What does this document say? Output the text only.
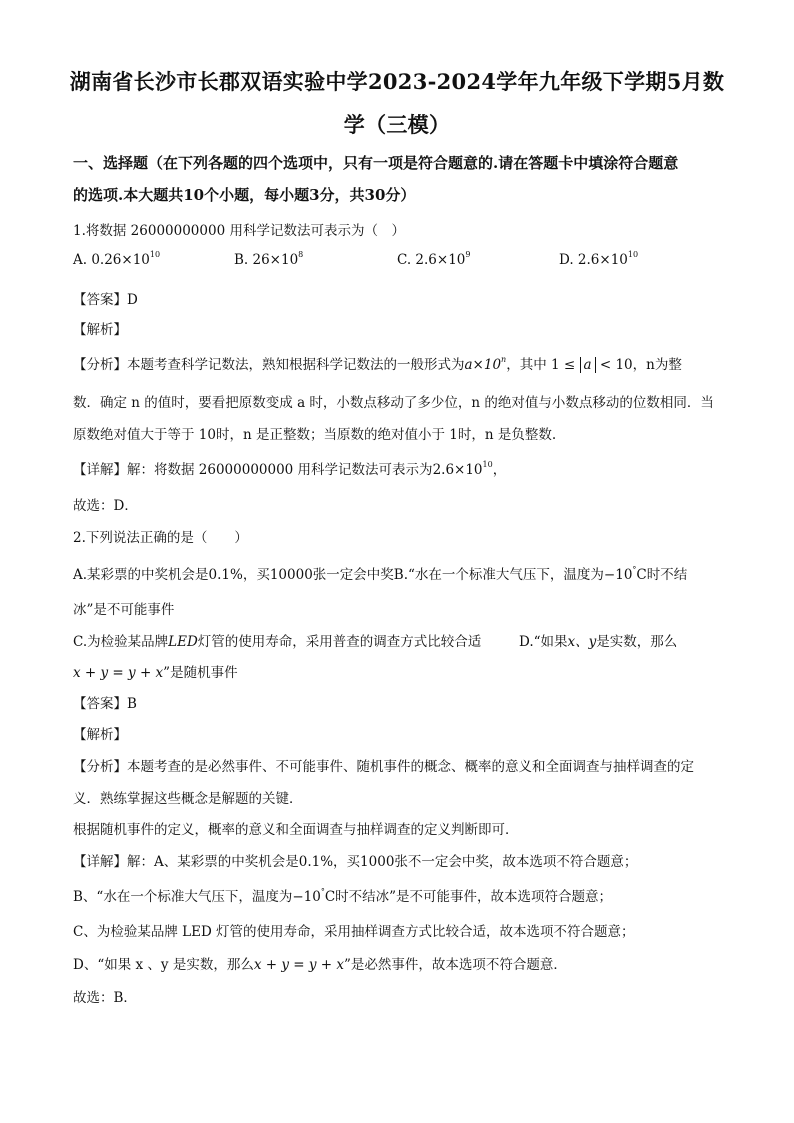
湖南省长沙市长郡双语实验中学2023-2024学年九年级下学期5月数
学（三模）
一、选择题（在下列各题的四个选项中，只有一项是符合题意的.请在答题卡中填涂符合题意
的选项.本大题共10个小题，每小题3分，共30分）
1.将数据 26000000000 用科学记数法可表示为（　）
A. $0.26\times 10^{10}$	B. $26\times 10^8$	C. $2.6\times 10^9$	D. $2.6\times 10^{10}$
【答案】D
【解析】
【分析】本题考查科学记数法，熟知根据科学记数法的一般形式为$a\times 10^n$，其中 1 ≤ a < 10，n为整
数．确定 n 的值时，要看把原数变成 a 时，小数点移动了多少位，n 的绝对值与小数点移动的位数相同．当
原数绝对值大于等于 10时，n 是正整数；当原数的绝对值小于 1时，n 是负整数.
【详解】解：将数据 26000000000 用科学记数法可表示为$2.6\times 10^{10}$，
故选：D．
2.下列说法正确的是（　　）
A.某彩票的中奖机会是0.1%，买10000张一定会中奖B.“水在一个标准大气压下，温度为−10°C时不结
冰”是不可能事件
C.为检验某品牌LED灯管的使用寿命，采用普查的调查方式比较合适	D.“如果x、y是实数，那么
x + y = y + x”是随机事件
【答案】B
【解析】
【分析】本题考查的是必然事件、不可能事件、随机事件的概念、概率的意义和全面调查与抽样调查的定
义．熟练掌握这些概念是解题的关键．
根据随机事件的定义，概率的意义和全面调查与抽样调查的定义判断即可．
【详解】解：A、某彩票的中奖机会是0.1%，买1000张不一定会中奖，故本选项不符合题意；
B、“水在一个标准大气压下，温度为−10°C时不结冰”是不可能事件，故本选项符合题意；
C、为检验某品牌 LED 灯管的使用寿命，采用抽样调查方式比较合适，故本选项不符合题意；
D、“如果 x 、y 是实数，那么x + y = y + x”是必然事件，故本选项不符合题意．
故选：B．
